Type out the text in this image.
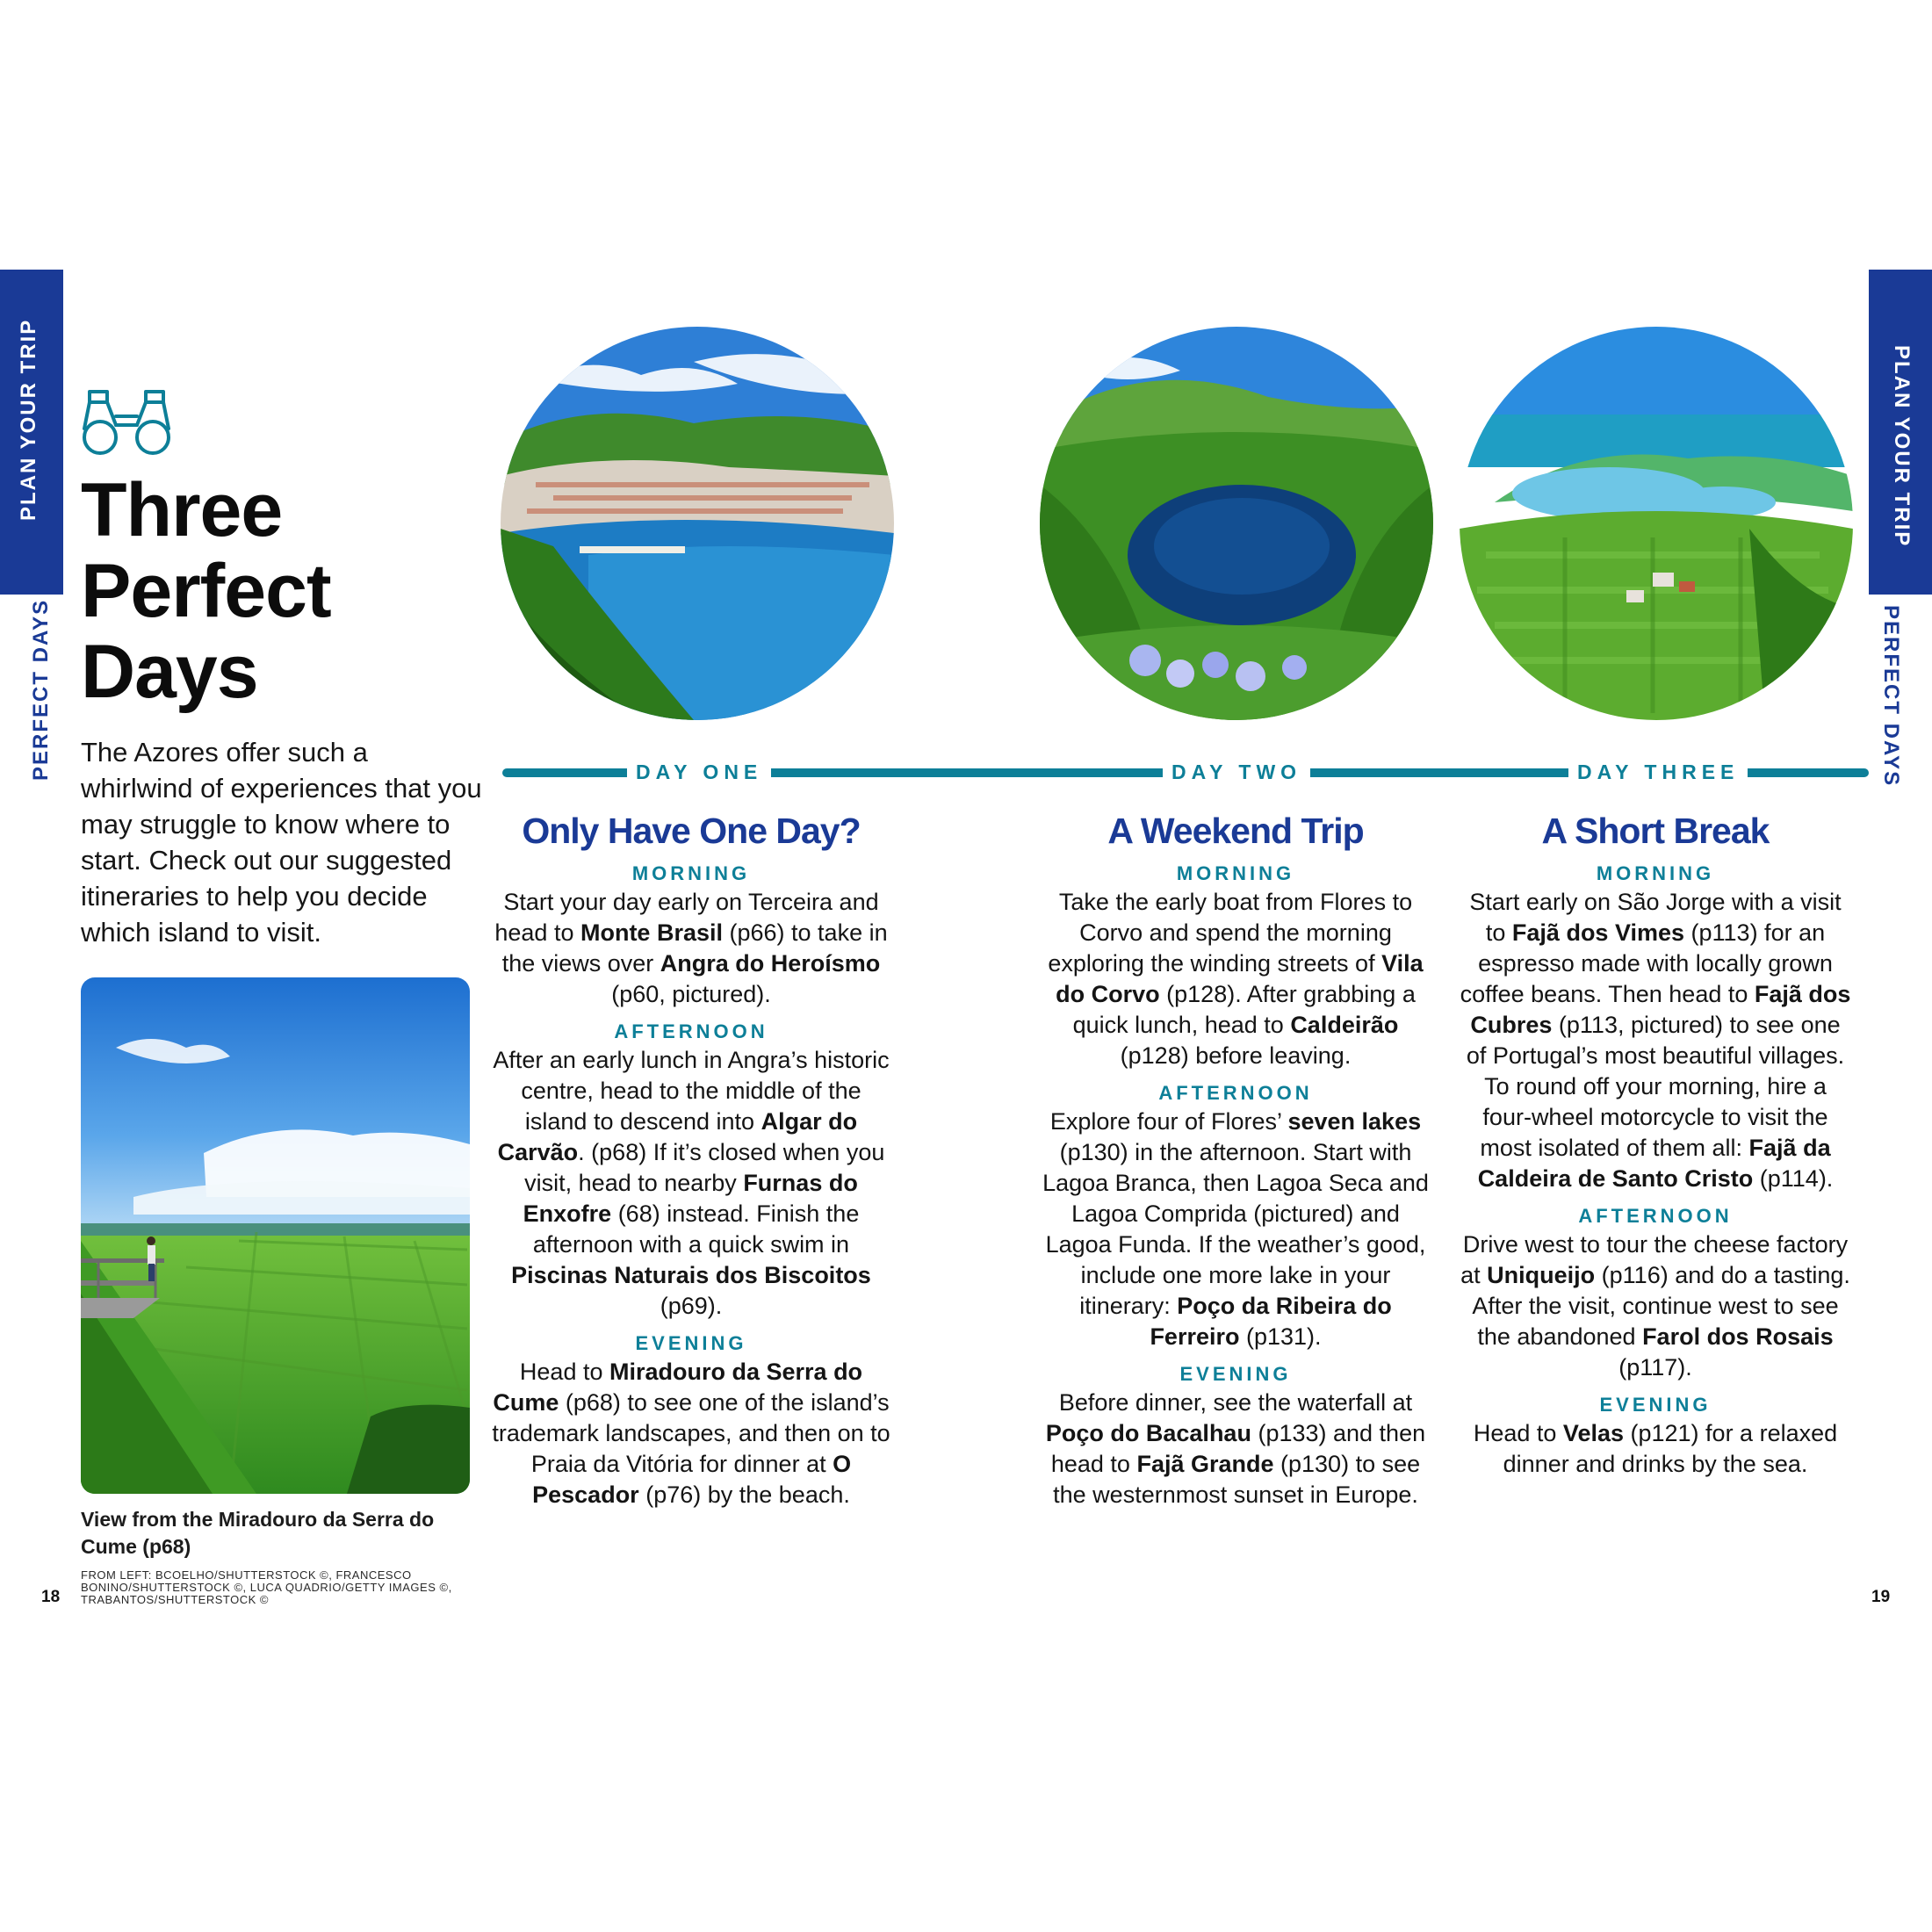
PLAN YOUR TRIP
PERFECT DAYS
PLAN YOUR TRIP
PERFECT DAYS
Three
Perfect
Days
The Azores offer such a whirlwind of experiences that you may struggle to know where to start. Check out our suggested itineraries to help you decide which island to visit.
View from the Miradouro da Serra do Cume (p68)
FROM LEFT: BCOELHO/SHUTTERSTOCK ©, FRANCESCO BONINO/SHUTTERSTOCK ©, LUCA QUADRIO/GETTY IMAGES ©, TRABANTOS/SHUTTERSTOCK ©
18	19
DAY ONE	DAY TWO	DAY THREE
Only Have One Day?
MORNING

Start your day early on Terceira and head to Monte Brasil (p66) to take in the views over Angra do Heroísmo (p60, pictured).

AFTERNOON

After an early lunch in Angra’s historic centre, head to the middle of the island to descend into Algar do Carvão. (p68) If it’s closed when you visit, head to nearby Furnas do Enxofre (68) instead. Finish the afternoon with a quick swim in Piscinas Naturais dos Biscoitos (p69).

EVENING

Head to Miradouro da Serra do Cume (p68) to see one of the island’s trademark landscapes, and then on to Praia da Vitória for dinner at O Pescador (p76) by the beach.

A Weekend Trip
MORNING

Take the early boat from Flores to Corvo and spend the morning exploring the winding streets of Vila do Corvo (p128). After grabbing a quick lunch, head to Caldeirão (p128) before leaving.

AFTERNOON

Explore four of Flores’ seven lakes (p130) in the afternoon. Start with Lagoa Branca, then Lagoa Seca and Lagoa Comprida (pictured) and Lagoa Funda. If the weather’s good, include one more lake in your itinerary: Poço da Ribeira do Ferreiro (p131).

EVENING

Before dinner, see the waterfall at Poço do Bacalhau (p133) and then head to Fajã Grande (p130) to see the westernmost sunset in Europe.

A Short Break
MORNING

Start early on São Jorge with a visit to Fajã dos Vimes (p113) for an espresso made with locally grown coffee beans. Then head to Fajã dos Cubres (p113, pictured) to see one of Portugal’s most beautiful villages. To round off your morning, hire a four-wheel motorcycle to visit the most isolated of them all: Fajã da Caldeira de Santo Cristo (p114).

AFTERNOON

Drive west to tour the cheese factory at Uniqueijo (p116) and do a tasting. After the visit, continue west to see the abandoned Farol dos Rosais (p117).

EVENING

Head to Velas (p121) for a relaxed dinner and drinks by the sea.
